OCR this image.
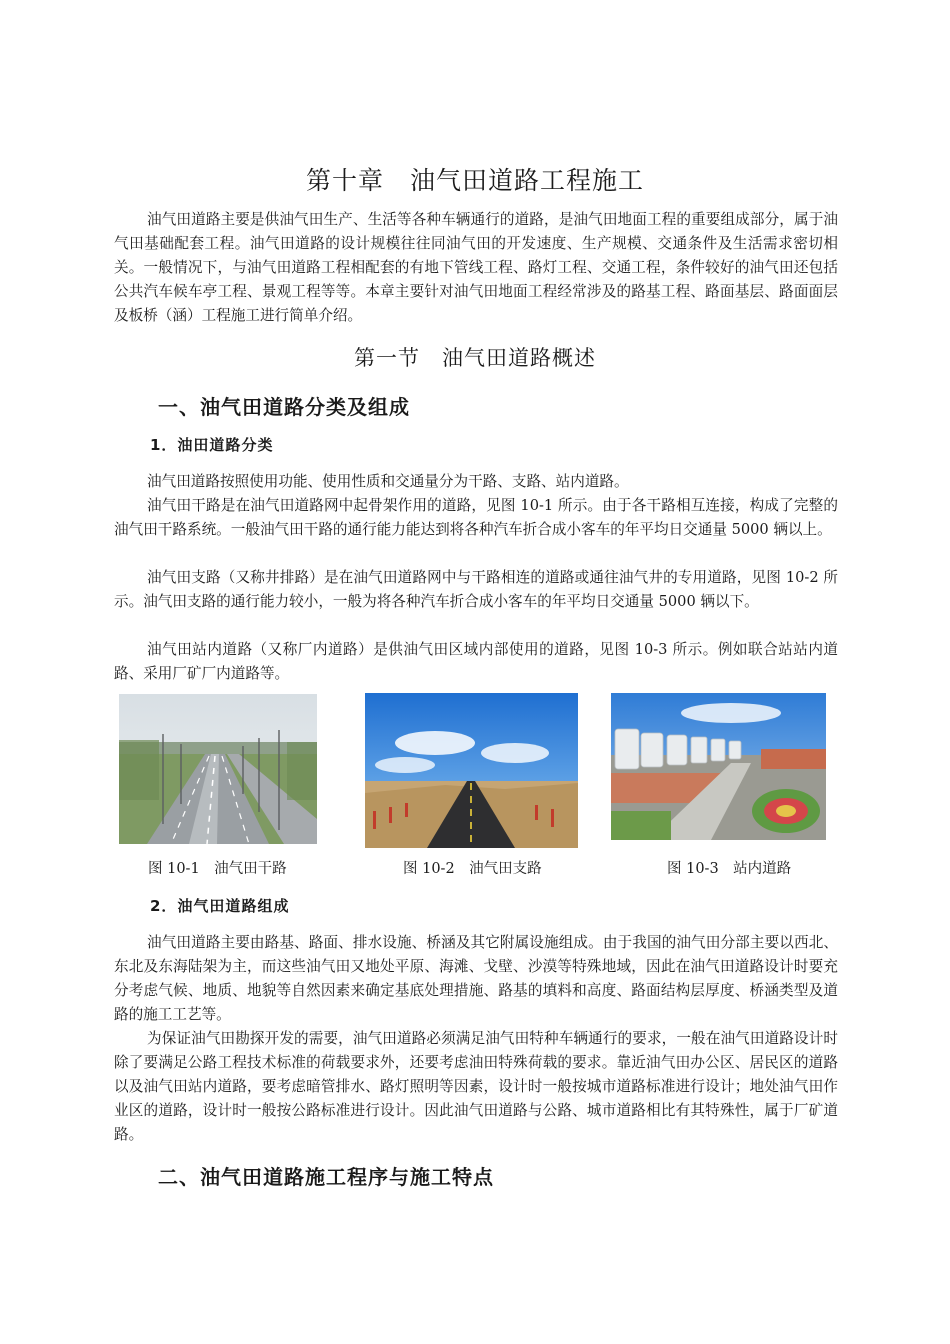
第十章　油气田道路工程施工

油气田道路主要是供油气田生产、生活等各种车辆通行的道路，是油气田地面工程的重要组成部分，属于油气田基础配套工程。油气田道路的设计规模往往同油气田的开发速度、生产规模、交通条件及生活需求密切相关。一般情况下，与油气田道路工程相配套的有地下管线工程、路灯工程、交通工程，条件较好的油气田还包括公共汽车候车亭工程、景观工程等等。本章主要针对油气田地面工程经常涉及的路基工程、路面基层、路面面层及板桥（涵）工程施工进行简单介绍。

第一节　油气田道路概述
一、油气田道路分类及组成
1．油田道路分类

油气田道路按照使用功能、使用性质和交通量分为干路、支路、站内道路。

油气田干路是在油气田道路网中起骨架作用的道路，见图 10-1 所示。由于各干路相互连接，构成了完整的油气田干路系统。一般油气田干路的通行能力能达到将各种汽车折合成小客车的年平均日交通量 5000 辆以上。

油气田支路（又称井排路）是在油气田道路网中与干路相连的道路或通往油气井的专用道路，见图 10-2 所示。油气田支路的通行能力较小，一般为将各种汽车折合成小客车的年平均日交通量 5000 辆以下。

油气田站内道路（又称厂内道路）是供油气田区域内部使用的道路，见图 10-3 所示。例如联合站站内道路、采用厂矿厂内道路等。

图 10-1　油气田干路	图 10-2　油气田支路	图 10-3　站内道路
2．油气田道路组成

油气田道路主要由路基、路面、排水设施、桥涵及其它附属设施组成。由于我国的油气田分部主要以西北、东北及东海陆架为主，而这些油气田又地处平原、海滩、戈壁、沙漠等特殊地域，因此在油气田道路设计时要充分考虑气候、地质、地貌等自然因素来确定基底处理措施、路基的填料和高度、路面结构层厚度、桥涵类型及道路的施工工艺等。

为保证油气田勘探开发的需要，油气田道路必须满足油气田特种车辆通行的要求，一般在油气田道路设计时除了要满足公路工程技术标准的荷载要求外，还要考虑油田特殊荷载的要求。靠近油气田办公区、居民区的道路以及油气田站内道路，要考虑暗管排水、路灯照明等因素，设计时一般按城市道路标准进行设计；地处油气田作业区的道路，设计时一般按公路标准进行设计。因此油气田道路与公路、城市道路相比有其特殊性，属于厂矿道路。

二、油气田道路施工程序与施工特点
